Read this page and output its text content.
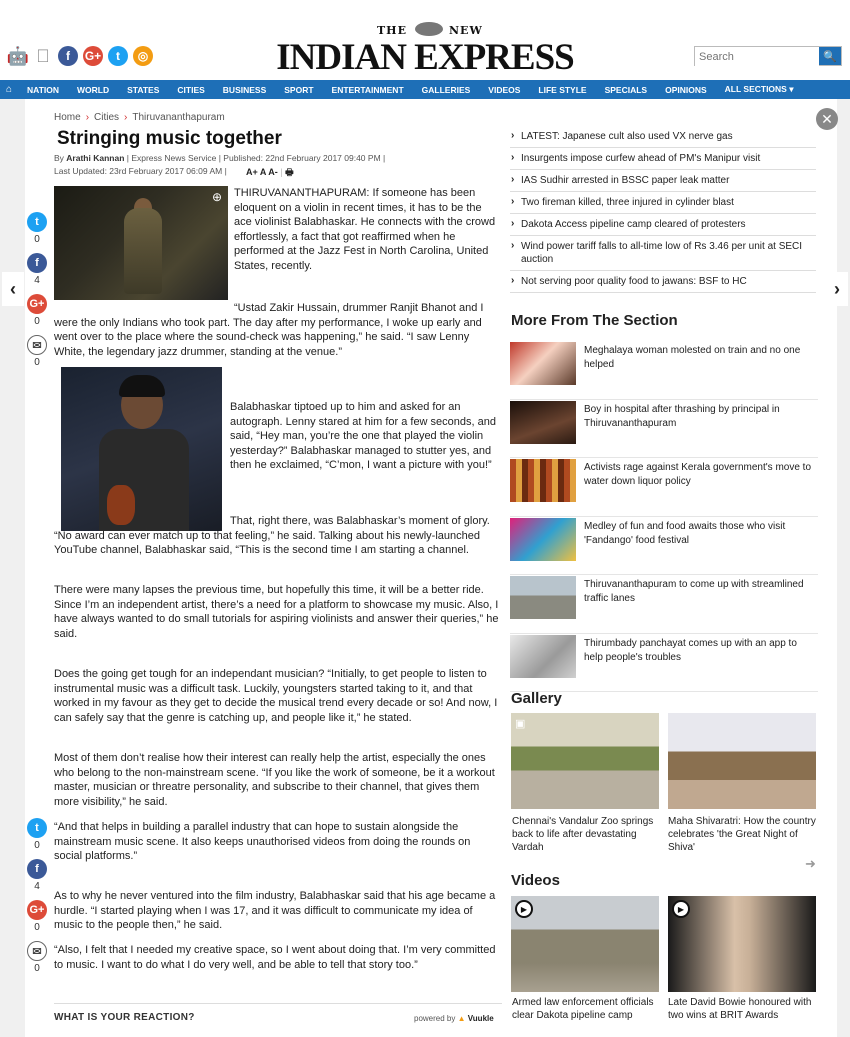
🤖	f	G+	t	◎
THE	NEW
INDIAN EXPRESS
Search	🔍
⌂	NATION	WORLD	STATES	CITIES	BUSINESS	SPORT	ENTERTAINMENT	GALLERIES	VIDEOS	LIFE STYLE	SPECIALS	OPINIONS	ALL SECTIONS ▾
✕
‹	›
t
0
f
4
G+
0
✉
0
t
0
f
4
G+
0
✉
0
Home › Cities › Thiruvananthapuram
Stringing music together
By Arathi Kannan | Express News Service | Published: 22nd February 2017 09:40 PM |
Last Updated: 23rd February 2017 06:09 AM |	A+ A A- | 🖶
⊕ THIRUVANANTHAPURAM: If someone has been eloquent on a violin in recent times, it has to be the ace violinist Balabhaskar. He connects with the crowd effortlessly, a fact that got reaffirmed when he performed at the Jazz Fest in North Carolina, United States, recently.

“Ustad Zakir Hussain, drummer Ranjit Bhanot and I were the only Indians who took part. The day after my performance, I woke up early and went over to the place where the sound-check was happening,” he said. “I saw Lenny White, the legendary jazz drummer, standing at the venue.”

Balabhaskar tiptoed up to him and asked for an autograph. Lenny stared at him for a few seconds, and said, “Hey man, you’re the one that played the violin yesterday?” Balabhaskar managed to stutter yes, and then he exclaimed, “C’mon, I want a picture with you!”

That, right there, was Balabhaskar’s moment of glory. “No award can ever match up to that feeling,” he said. Talking about his newly-launched YouTube channel, Balabhaskar said, “This is the second time I am starting a channel.

There were many lapses the previous time, but hopefully this time, it will be a better ride. Since I’m an independent artist, there’s a need for a platform to showcase my music. Also, I have always wanted to do small tutorials for aspiring violinists and answer their queries,” he said.

Does the going get tough for an independant musician? “Initially, to get people to listen to instrumental music was a difficult task. Luckily, youngsters started taking to it, and that worked in my favour as they get to decide the musical trend every decade or so! And now, I can safely say that the genre is catching up, and people like it,” he stated.

Most of them don’t realise how their interest can really help the artist, especially the ones who belong to the non-mainstream scene. “If you like the work of someone, be it a workout master, musician or threatre personality, and subscribe to their channel, that gives them more visibility,” he said.

“And that helps in building a parallel industry that can hope to sustain alongside the mainstream music scene. It also keeps unauthorised videos from doing the rounds on social platforms.”

As to why he never ventured into the film industry, Balabhaskar said that his age became a hurdle. “I started playing when I was 17, and it was difficult to communicate my idea of music to the people then,” he said.

“Also, I felt that I needed my creative space, so I went about doing that. I’m very committed to music. I want to do what I do very well, and be able to tell that story too.”

WHAT IS YOUR REACTION?	powered by ▲ Vuukle
› LATEST: Japanese cult also used VX nerve gas
› Insurgents impose curfew ahead of PM's Manipur visit
› IAS Sudhir arrested in BSSC paper leak matter
› Two fireman killed, three injured in cylinder blast
› Dakota Access pipeline camp cleared of protesters
› Wind power tariff falls to all-time low of Rs 3.46 per unit at SECI auction
› Not serving poor quality food to jawans: BSF to HC
More From The Section
Meghalaya woman molested on train and no one helped
Boy in hospital after thrashing by principal in Thiruvananthapuram
Activists rage against Kerala government's move to water down liquor policy
Medley of fun and food awaits those who visit 'Fandango' food festival
Thiruvananthapuram to come up with streamlined traffic lanes
Thirumbady panchayat comes up with an app to help people's troubles
Gallery
▣
Chennai's Vandalur Zoo springs back to life after devastating Vardah
Maha Shivaratri: How the country celebrates 'the Great Night of Shiva'
➜
Videos
▶	▶
Armed law enforcement officials clear Dakota pipeline camp
Late David Bowie honoured with two wins at BRIT Awards
